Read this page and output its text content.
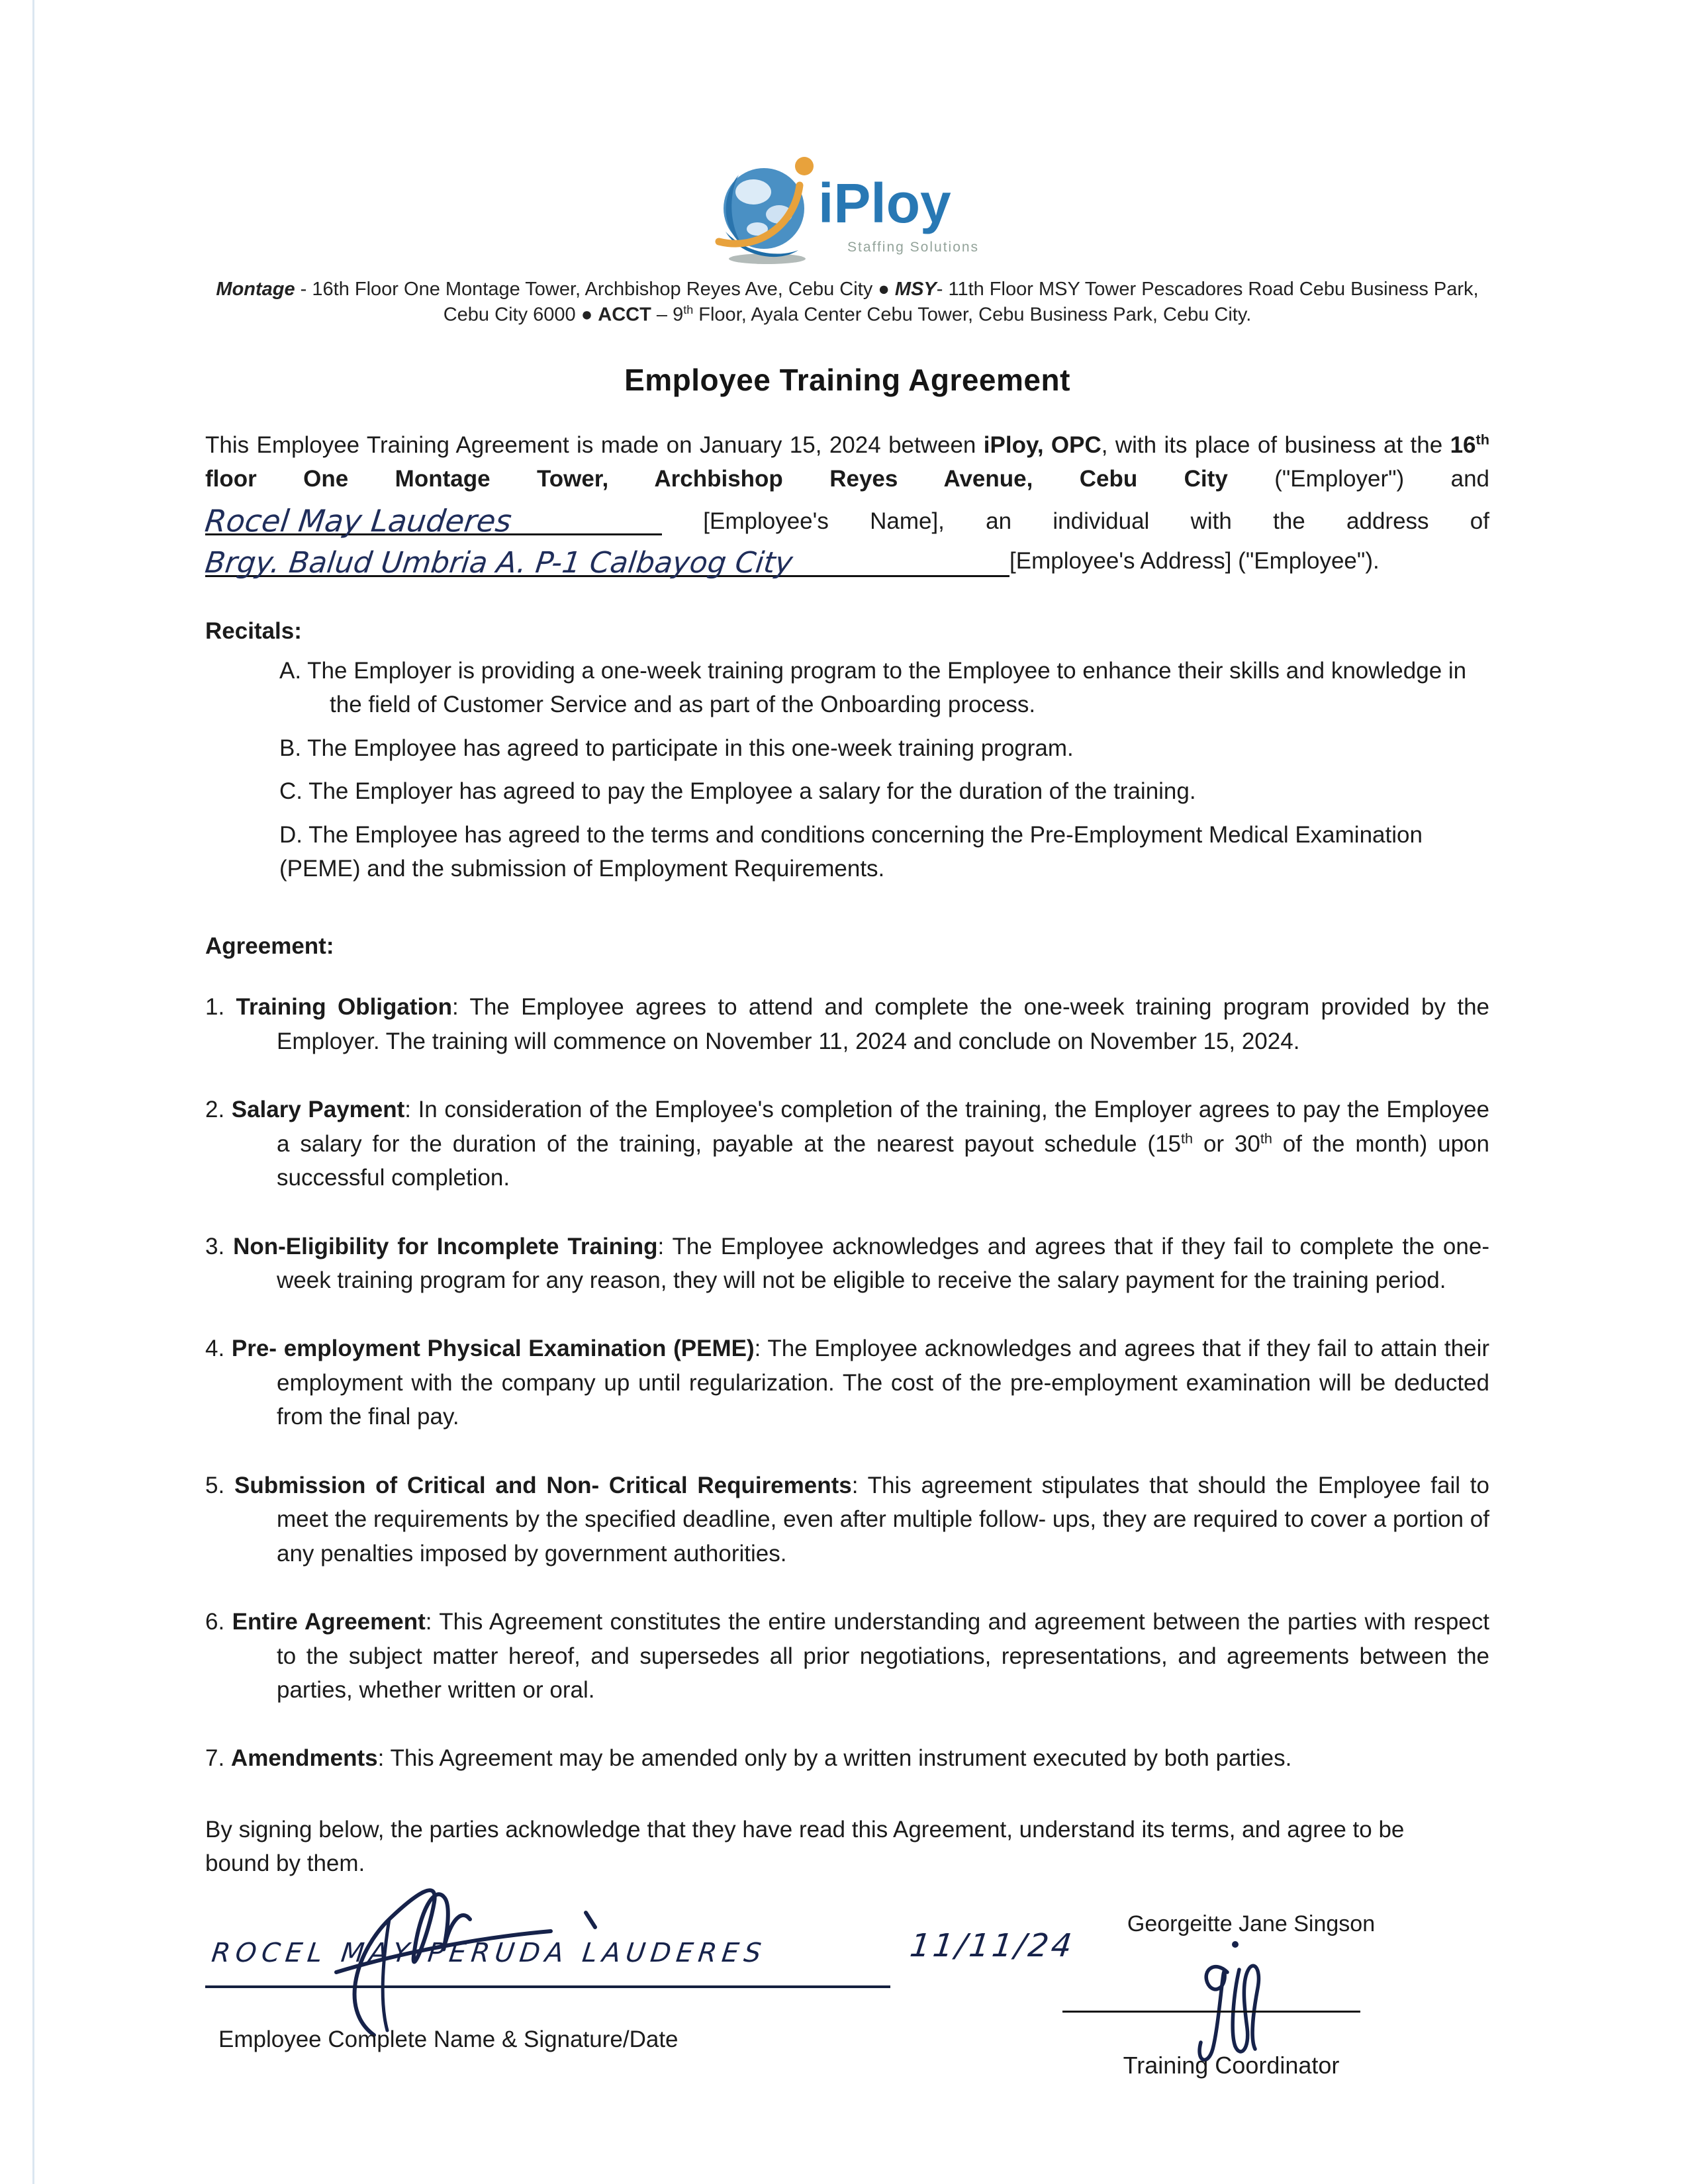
iPloy
Staffing Solutions
Montage - 16th Floor One Montage Tower, Archbishop Reyes Ave, Cebu City ● MSY- 11th Floor MSY Tower Pescadores Road Cebu Business Park, Cebu City 6000 ● ACCT – 9th Floor, Ayala Center Cebu Tower, Cebu Business Park, Cebu City.
Employee Training Agreement
This Employee Training Agreement is made on January 15, 2024 between iPloy, OPC, with its place of business at the 16th floor One Montage Tower, Archbishop Reyes Avenue, Cebu City ("Employer") and
Rocel May Lauderes	[Employee's Name], an individual with the address of
Brgy. Balud Umbria A. P-1 Calbayog City	[Employee's Address] ("Employee").
Recitals:
A. The Employer is providing a one-week training program to the Employee to enhance their skills and knowledge in the field of Customer Service and as part of the Onboarding process.
B. The Employee has agreed to participate in this one-week training program.
C. The Employer has agreed to pay the Employee a salary for the duration of the training.
D. The Employee has agreed to the terms and conditions concerning the Pre-Employment Medical Examination (PEME) and the submission of Employment Requirements.
Agreement:
1. Training Obligation: The Employee agrees to attend and complete the one-week training program provided by the Employer. The training will commence on November 11, 2024 and conclude on November 15, 2024.
2. Salary Payment: In consideration of the Employee's completion of the training, the Employer agrees to pay the Employee a salary for the duration of the training, payable at the nearest payout schedule (15th or 30th of the month) upon successful completion.
3. Non-Eligibility for Incomplete Training: The Employee acknowledges and agrees that if they fail to complete the one-week training program for any reason, they will not be eligible to receive the salary payment for the training period.
4. Pre- employment Physical Examination (PEME): The Employee acknowledges and agrees that if they fail to attain their employment with the company up until regularization. The cost of the pre-employment examination will be deducted from the final pay.
5. Submission of Critical and Non- Critical Requirements: This agreement stipulates that should the Employee fail to meet the requirements by the specified deadline, even after multiple follow- ups, they are required to cover a portion of any penalties imposed by government authorities.
6. Entire Agreement: This Agreement constitutes the entire understanding and agreement between the parties with respect to the subject matter hereof, and supersedes all prior negotiations, representations, and agreements between the parties, whether written or oral.
7. Amendments: This Agreement may be amended only by a written instrument executed by both parties.
By signing below, the parties acknowledge that they have read this Agreement, understand its terms, and agree to be bound by them.
ROCEL MAY PERUDA LAUDERES	11/11/24
Employee Complete Name & Signature/Date
Georgeitte Jane Singson
Training Coordinator
